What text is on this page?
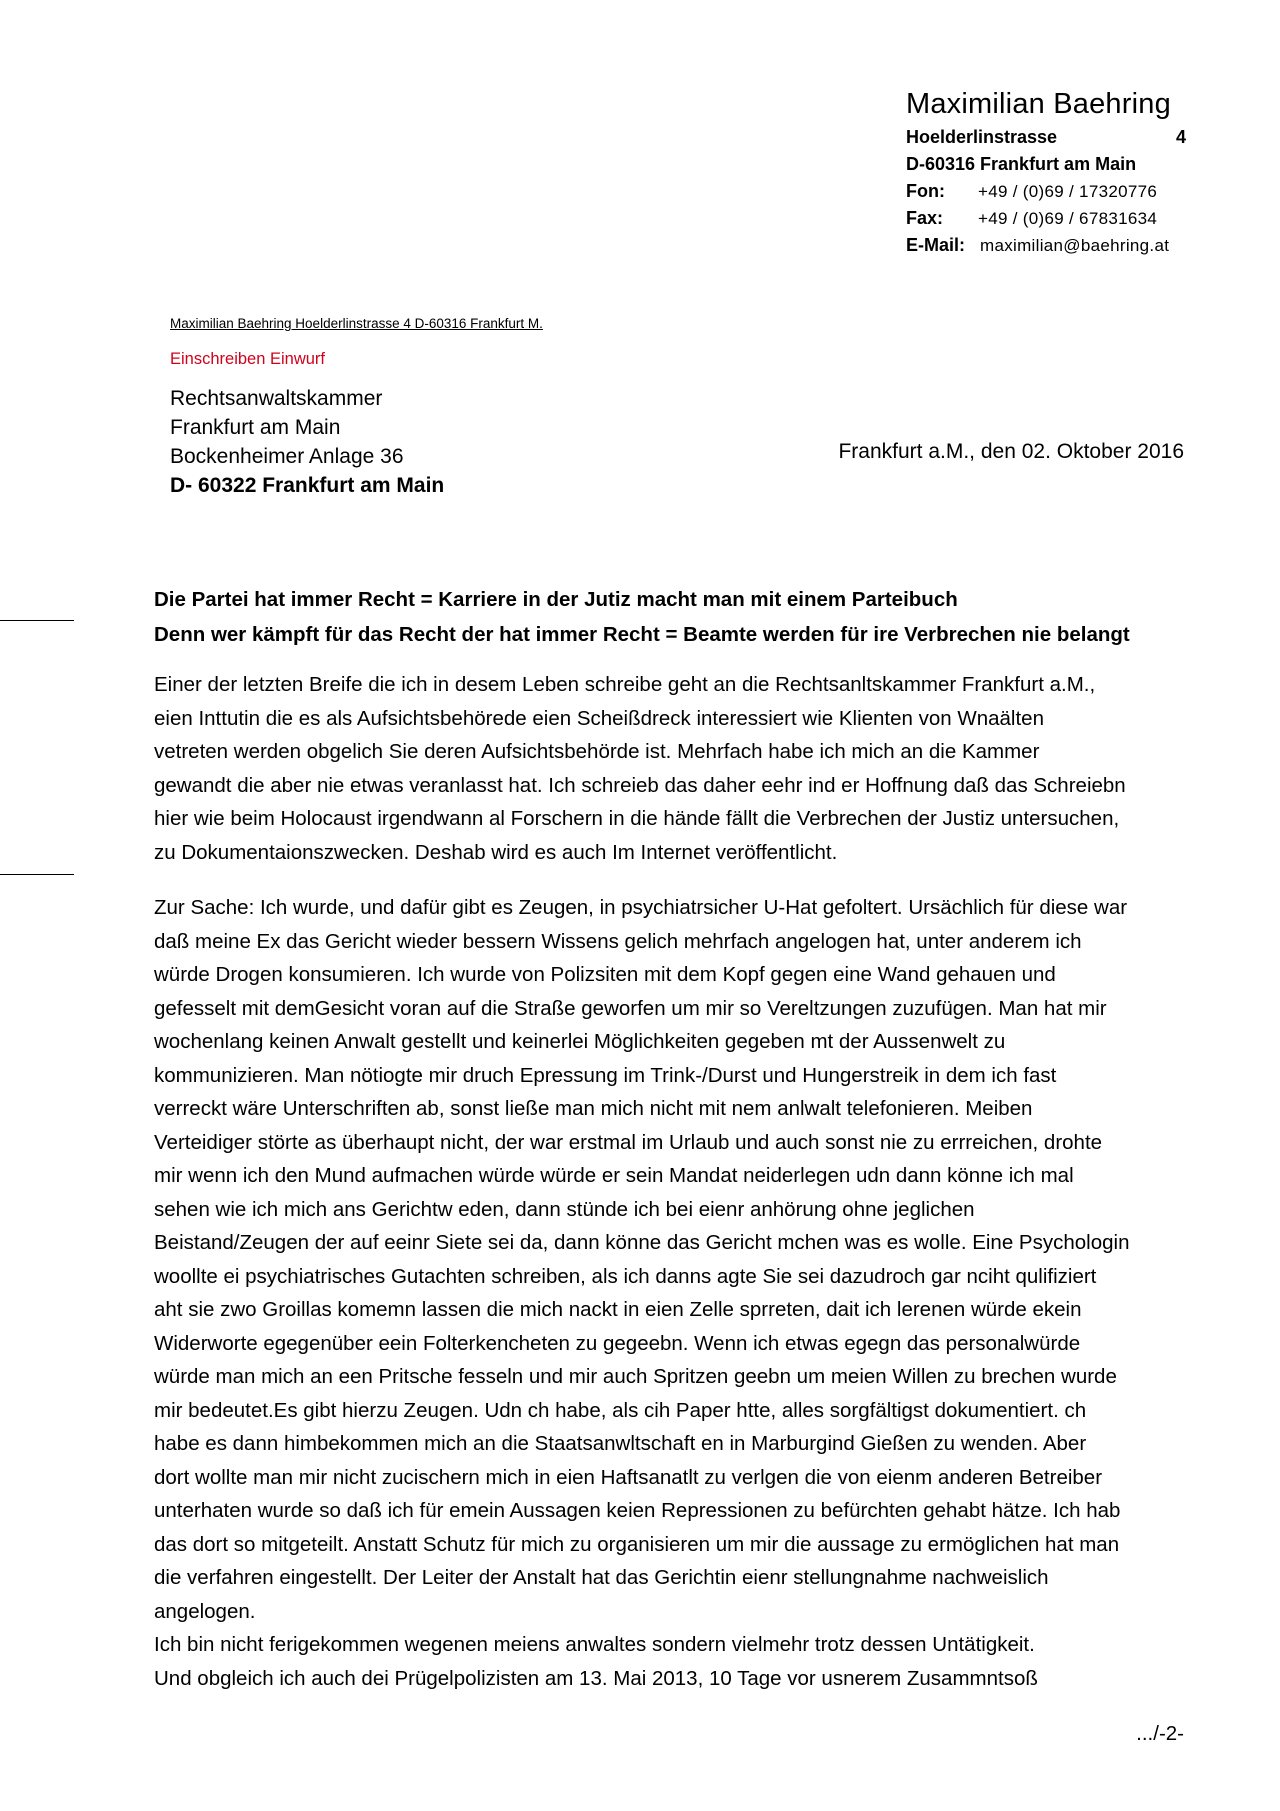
Maximilian Baehring
Hoelderlinstrasse	4
D-60316 Frankfurt am Main
Fon:	+49 / (0)69 / 17320776
Fax:	+49 / (0)69 / 67831634
E-Mail: maximilian@baehring.at
Maximilian Baehring Hoelderlinstrasse 4 D-60316 Frankfurt M.
Einschreiben Einwurf
Rechtsanwaltskammer
Frankfurt am Main
Bockenheimer Anlage 36
D- 60322 Frankfurt am Main
Frankfurt a.M., den 02. Oktober 2016
Die Partei hat immer Recht = Karriere in der Jutiz macht man mit einem Parteibuch
Denn wer kämpft für das Recht der hat immer Recht = Beamte werden für ire Verbrechen nie belangt
Einer der letzten Breife die ich in desem Leben schreibe geht an die Rechtsanltskammer Frankfurt a.M.,
eien Inttutin die es als Aufsichtsbehörede eien Scheißdreck interessiert wie Klienten von Wnaälten
vetreten werden obgelich Sie deren Aufsichtsbehörde ist. Mehrfach habe ich mich an die Kammer
gewandt die aber nie etwas veranlasst hat. Ich schreieb das daher eehr ind er Hoffnung daß das Schreiebn
hier wie beim Holocaust irgendwann al Forschern in die hände fällt die Verbrechen der Justiz untersuchen,
zu Dokumentaionszwecken. Deshab wird es auch Im Internet veröffentlicht.
Zur Sache: Ich wurde, und dafür gibt es Zeugen, in psychiatrsicher U-Hat gefoltert. Ursächlich für diese war
daß meine Ex das Gericht wieder bessern Wissens gelich mehrfach angelogen hat, unter anderem ich
würde Drogen konsumieren. Ich wurde von Polizsiten mit dem Kopf gegen eine Wand gehauen und
gefesselt mit demGesicht voran auf die Straße geworfen um mir so Vereltzungen zuzufügen. Man hat mir
wochenlang keinen Anwalt gestellt und keinerlei Möglichkeiten gegeben mt der Aussenwelt zu
kommunizieren. Man nötiogte mir druch Epressung im Trink-/Durst und Hungerstreik in dem ich fast
verreckt wäre Unterschriften ab, sonst ließe man mich nicht mit nem anlwalt telefonieren. Meiben
Verteidiger störte as überhaupt nicht, der war erstmal im Urlaub und auch sonst nie zu errreichen, drohte
mir wenn ich den Mund aufmachen würde würde er sein Mandat neiderlegen udn dann könne ich mal
sehen wie ich mich ans Gerichtw eden, dann stünde ich bei eienr anhörung ohne jeglichen
Beistand/Zeugen der auf eeinr Siete sei da, dann könne das Gericht mchen was es wolle. Eine Psychologin
woollte ei psychiatrisches Gutachten schreiben, als ich danns agte Sie sei dazudroch gar nciht qulifiziert
aht sie zwo Groillas komemn lassen die mich nackt in eien Zelle sprreten, dait ich lerenen würde ekein
Widerworte egegenüber eein Folterkencheten zu gegeebn. Wenn ich etwas egegn das personalwürde
würde man mich an een Pritsche fesseln und mir auch Spritzen geebn um meien Willen zu brechen wurde
mir bedeutet.Es gibt hierzu Zeugen. Udn ch habe, als cih Paper htte, alles sorgfältigst dokumentiert. ch
habe es dann himbekommen mich an die Staatsanwltschaft en in Marburgind Gießen zu wenden. Aber
dort wollte man mir nicht zucischern mich in eien Haftsanatlt zu verlgen die von eienm anderen Betreiber
unterhaten wurde so daß ich für emein Aussagen keien Repressionen zu befürchten gehabt hätze. Ich hab
das dort so mitgeteilt. Anstatt Schutz für mich zu organisieren um mir die aussage zu ermöglichen hat man
die verfahren eingestellt. Der Leiter der Anstalt hat das Gerichtin eienr stellungnahme nachweislich
angelogen.
Ich bin nicht ferigekommen wegenen meiens anwaltes sondern vielmehr trotz dessen Untätigkeit.
Und obgleich ich auch dei Prügelpolizisten am 13. Mai 2013, 10 Tage vor usnerem Zusammntsoß
.../-2-
